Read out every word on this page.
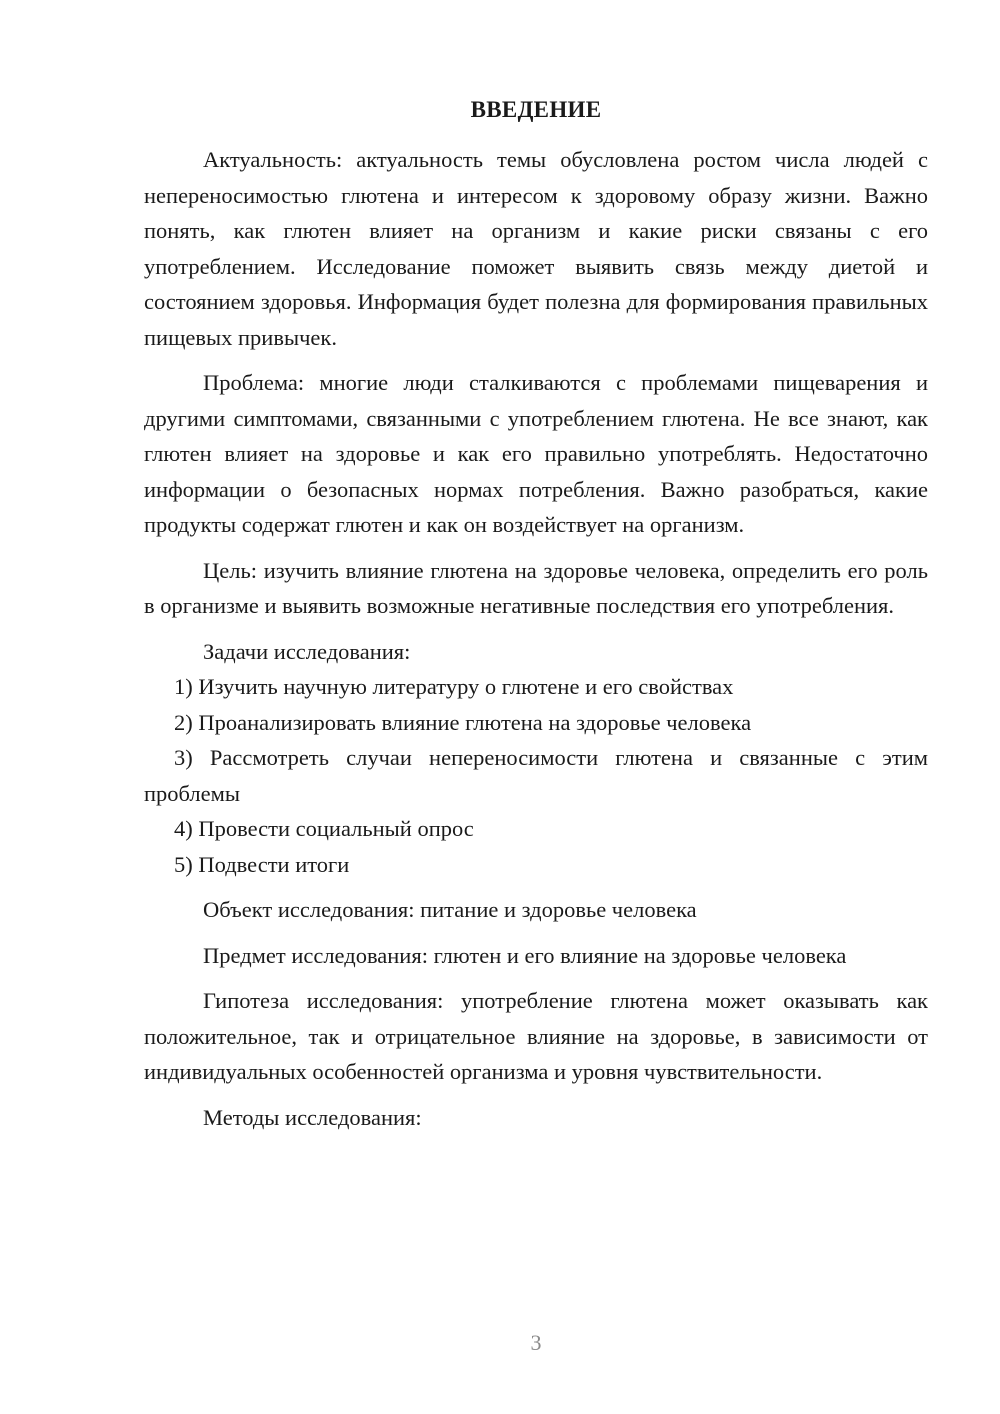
ВВЕДЕНИЕ

Актуальность: актуальность темы обусловлена ростом числа людей с непереносимостью глютена и интересом к здоровому образу жизни. Важно понять, как глютен влияет на организм и какие риски связаны с его употреблением. Исследование поможет выявить связь между диетой и состоянием здоровья. Информация будет полезна для формирования правильных пищевых привычек.

Проблема: многие люди сталкиваются с проблемами пищеварения и другими симптомами, связанными с употреблением глютена. Не все знают, как глютен влияет на здоровье и как его правильно употреблять. Недостаточно информации о безопасных нормах потребления. Важно разобраться, какие продукты содержат глютен и как он воздействует на организм.

Цель: изучить влияние глютена на здоровье человека, определить его роль в организме и выявить возможные негативные последствия его употребления.

Задачи исследования:

1) Изучить научную литературу о глютене и его свойствах

2) Проанализировать влияние глютена на здоровье человека

3) Рассмотреть случаи непереносимости глютена и связанные с этим проблемы

4) Провести социальный опрос

5) Подвести итоги

Объект исследования: питание и здоровье человека

Предмет исследования: глютен и его влияние на здоровье человека

Гипотеза исследования: употребление глютена может оказывать как положительное, так и отрицательное влияние на здоровье, в зависимости от индивидуальных особенностей организма и уровня чувствительности.

Методы исследования:

3
